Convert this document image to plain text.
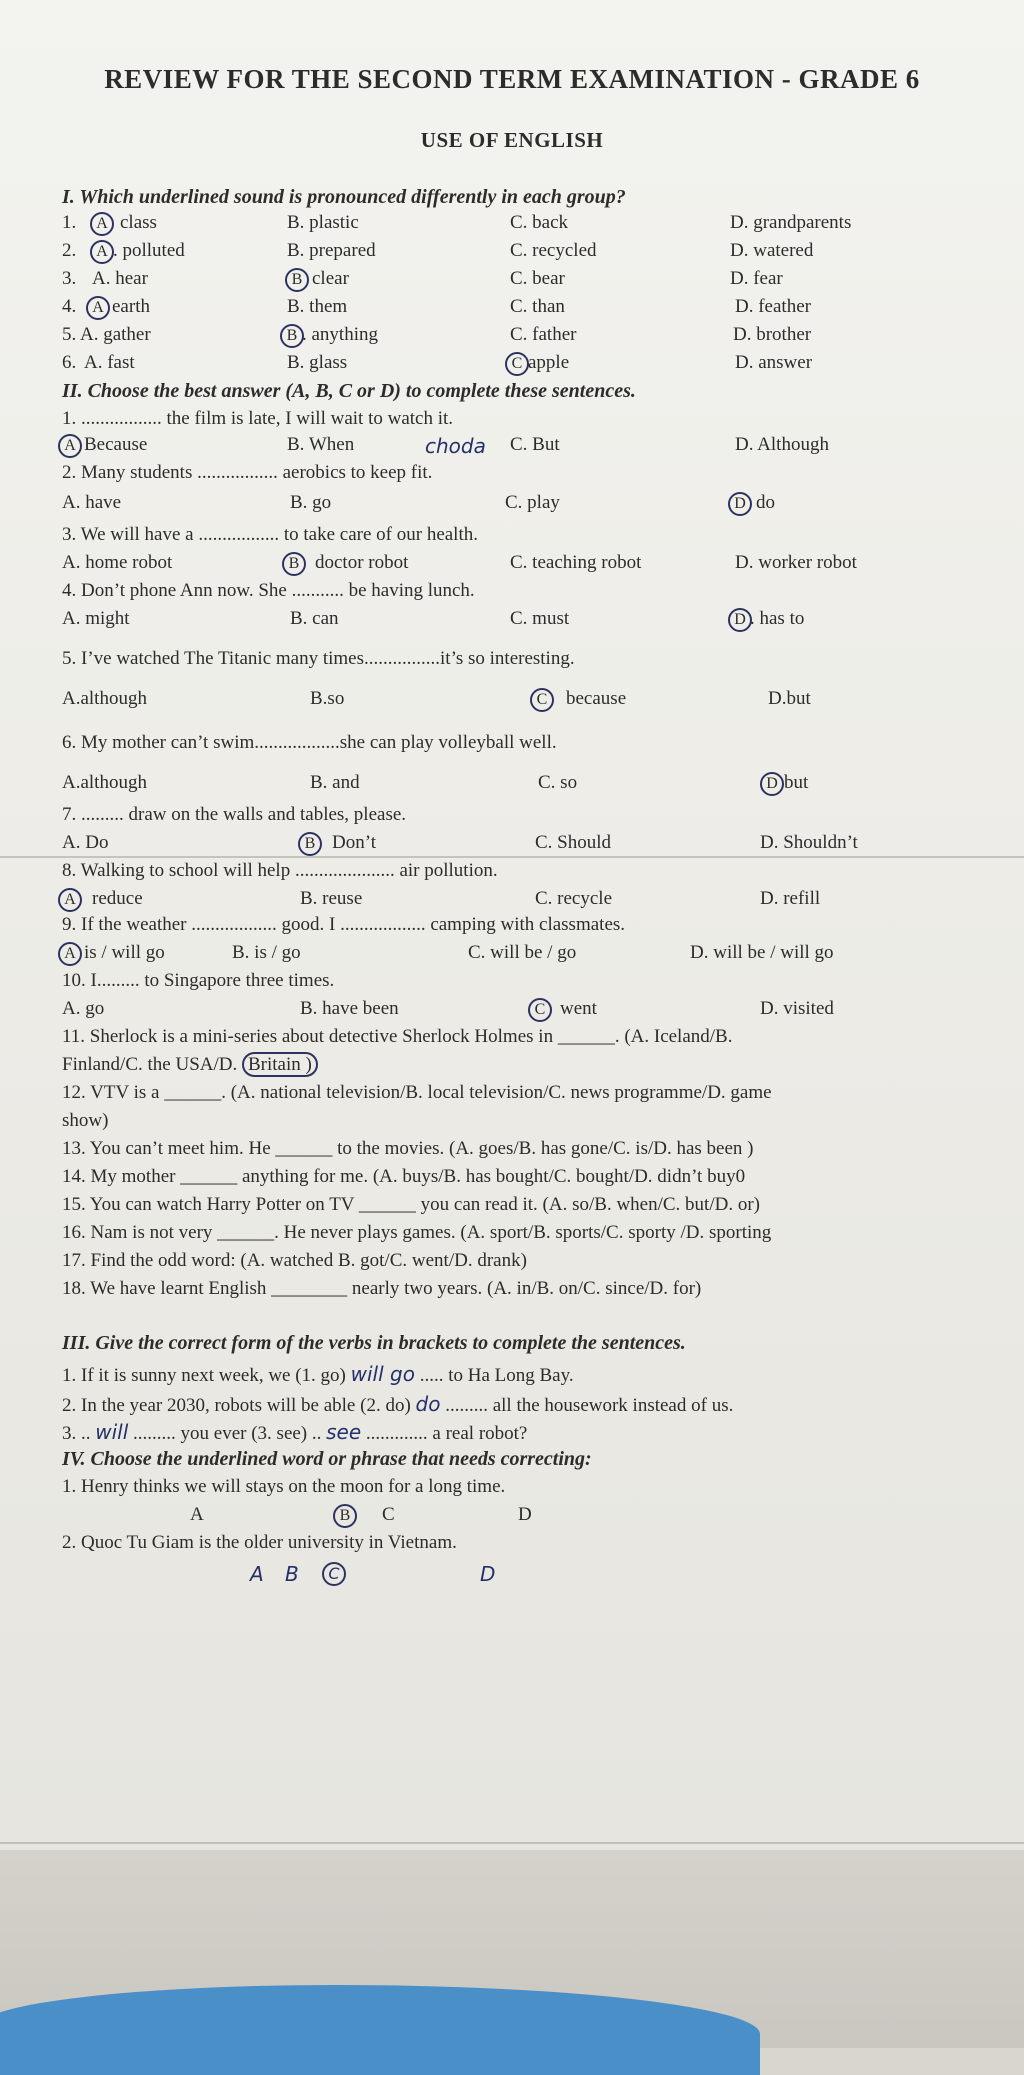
REVIEW FOR THE SECOND TERM EXAMINATION - GRADE 6
USE OF ENGLISH
I. Which underlined sound is pronounced differently in each group?
1.	A class	B. plastic	C. back	D. grandparents
2.	A . polluted	B. prepared	C. recycled	D. watered
3. A. hear	B clear	C. bear	D. fear
4. A earth	B. them	C. than	D. feather
5. A. gather	B . anything	C. father	D. brother
6. A. fast	B. glass	C apple	D. answer
II. Choose the best answer (A, B, C or D) to complete these sentences.
1. ................. the film is late, I will wait to watch it.
A Because	B. When	choda C. But	D. Although
2. Many students ................. aerobics to keep fit.
A. have	B. go	C. play	D do
3. We will have a ................. to take care of our health.
A. home robot	B doctor robot	C. teaching robot	D. worker robot
4. Don’t phone Ann now. She ........... be having lunch.
A. might	B. can	C. must	D . has to
5. I’ve watched The Titanic many times................it’s so interesting.
A.although	B.so	C because	D.but
6. My mother can’t swim..................she can play volleyball well.
A.although	B. and	C. so	D but
7. ......... draw on the walls and tables, please.
A. Do	B Don’t	C. Should	D. Shouldn’t
8. Walking to school will help ..................... air pollution.
A reduce	B. reuse	C. recycle	D. refill
9. If the weather .................. good. I .................. camping with classmates.
A is / will go	B. is / go	C. will be / go	D. will be / will go
10. I......... to Singapore three times.
A. go	B. have been	C went	D. visited
11. Sherlock is a mini-series about detective Sherlock Holmes in ______. (A. Iceland/B.
Finland/C. the USA/D. Britain )
12. VTV is a ______. (A. national television/B. local television/C. news programme/D. game
show)
13. You can’t meet him. He ______ to the movies. (A. goes/B. has gone/C. is/D. has been )
14. My mother ______ anything for me. (A. buys/B. has bought/C. bought/D. didn’t buy0
15. You can watch Harry Potter on TV ______ you can read it. (A. so/B. when/C. but/D. or)
16. Nam is not very ______. He never plays games. (A. sport/B. sports/C. sporty /D. sporting
17. Find the odd word: (A. watched B. got/C. went/D. drank)
18. We have learnt English ________ nearly two years. (A. in/B. on/C. since/D. for)
III. Give the correct form of the verbs in brackets to complete the sentences.
1. If it is sunny next week, we (1. go) will go ..... to Ha Long Bay.
2. In the year 2030, robots will be able (2. do) do ......... all the housework instead of us.
3. .. will ......... you ever (3. see) .. see ............. a real robot?
IV. Choose the underlined word or phrase that needs correcting:
1. Henry thinks we will stays on the moon for a long time.
A	B	C	D
2. Quoc Tu Giam is the older university in Vietnam.
A B	C	D
